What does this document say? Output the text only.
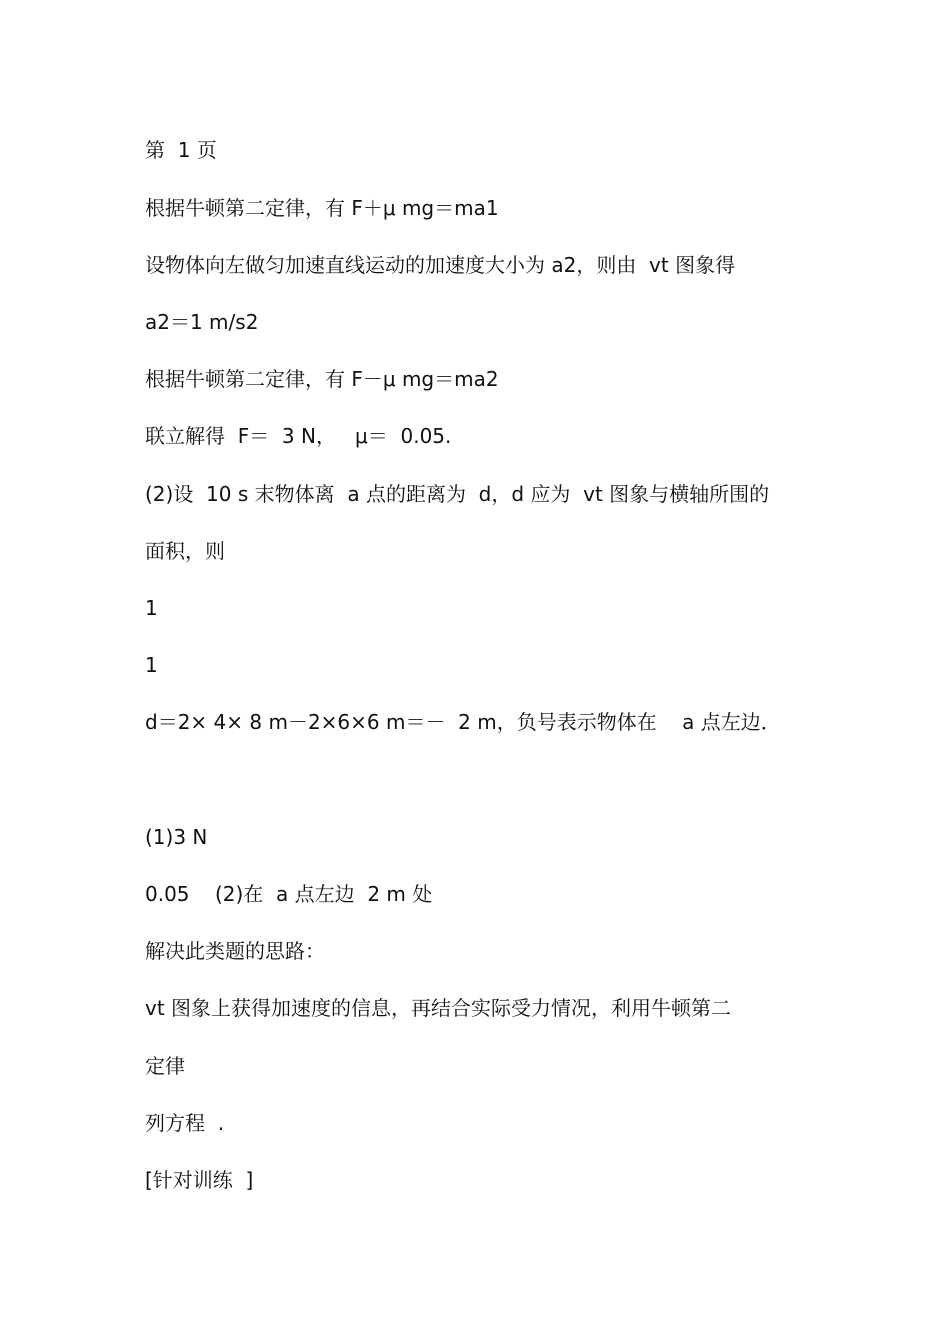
第  1 页
根据牛顿第二定律，有 F＋μ mg＝ma1
设物体向左做匀加速直线运动的加速度大小为 a2，则由  vt 图象得
a2＝1 m/s2
根据牛顿第二定律，有 F－μ mg＝ma2
联立解得  F＝  3 N，   μ＝  0.05.
(2)设  10 s 末物体离  a 点的距离为  d，d 应为  vt 图象与横轴所围的
面积，则
1
1
d＝2× 4× 8 m－2×6×6 m＝－  2 m，负号表示物体在    a 点左边．
(1)3 N
0.05    (2)在  a 点左边  2 m 处
解决此类题的思路：
vt 图象上获得加速度的信息，再结合实际受力情况，利用牛顿第二
定律
列方程  .
[针对训练  ]
